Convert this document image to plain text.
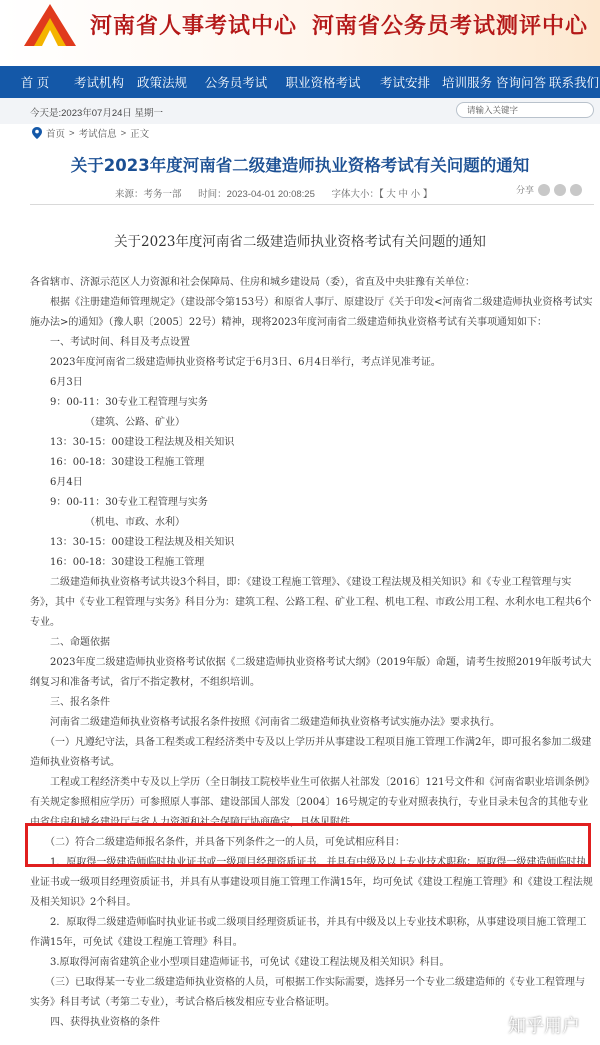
河南省人事考试中心 河南省公务员考试测评中心
首 页	考试机构	政策法规	公务员考试	职业资格考试	考试安排 培训服务 咨询问答 联系我们
今天是:2023年07月24日 星期一	请输入关键字
首页 > 考试信息 > 正文
关于2023年度河南省二级建造师执业资格考试有关问题的通知
来源：考务一部 时间：2023-04-01 20:08:25 字体大小：【 大 中 小 】	分享
关于2023年度河南省二级建造师执业资格考试有关问题的通知

各省辖市、济源示范区人力资源和社会保障局、住房和城乡建设局（委），省直及中央驻豫有关单位：

　　根据《注册建造师管理规定》（建设部令第153号）和原省人事厅、原建设厅《关于印发<河南省二级建造师执业资格考试实施办法>的通知》（豫人职〔2005〕22号）精神，现将2023年度河南省二级建造师执业资格考试有关事项通知如下：

　　一、考试时间、科目及考点设置

　　2023年度河南省二级建造师执业资格考试定于6月3日、6月4日举行，考点详见准考证。

　　6月3日

　　9：00-11：30专业工程管理与实务

　　　　　　（建筑、公路、矿业）

　　13：30-15：00建设工程法规及相关知识

　　16：00-18：30建设工程施工管理

　　6月4日

　　9：00-11：30专业工程管理与实务

　　　　　　（机电、市政、水利）

　　13：30-15：00建设工程法规及相关知识

　　16：00-18：30建设工程施工管理

　　二级建造师执业资格考试共设3个科目，即：《建设工程施工管理》、《建设工程法规及相关知识》和《专业工程管理与实务》，其中《专业工程管理与实务》科目分为：建筑工程、公路工程、矿业工程、机电工程、市政公用工程、水利水电工程共6个专业。

　　二、命题依据

　　2023年度二级建造师执业资格考试依据《二级建造师执业资格考试大纲》（2019年版）命题，请考生按照2019年版考试大纲复习和准备考试，省厅不指定教材，不组织培训。

　　三、报名条件

　　河南省二级建造师执业资格考试报名条件按照《河南省二级建造师执业资格考试实施办法》要求执行。

　　（一）凡遵纪守法，具备工程类或工程经济类中专及以上学历并从事建设工程项目施工管理工作满2年，即可报名参加二级建造师执业资格考试。

　　工程或工程经济类中专及以上学历（全日制技工院校毕业生可依据人社部发〔2016〕121号文件和《河南省职业培训条例》有关规定参照相应学历）可参照原人事部、建设部国人部发〔2004〕16号规定的专业对照表执行，专业目录未包含的其他专业由省住房和城乡建设厅与省人力资源和社会保障厅协商确定，具体见附件。

　　（二）符合二级建造师报名条件，并具备下列条件之一的人员，可免试相应科目：

　　1．原取得一级建造师临时执业证书或一级项目经理资质证书，并具有中级及以上专业技术职称；原取得一级建造师临时执业证书或一级项目经理资质证书，并具有从事建设项目施工管理工作满15年，均可免试《建设工程施工管理》和《建设工程法规及相关知识》2个科目。

　　2．原取得二级建造师临时执业证书或二级项目经理资质证书，并具有中级及以上专业技术职称，从事建设项目施工管理工作满15年，可免试《建设工程施工管理》科目。

　　3.原取得河南省建筑企业小型项目建造师证书，可免试《建设工程法规及相关知识》科目。

　　（三）已取得某一专业二级建造师执业资格的人员，可根据工作实际需要，选择另一个专业二级建造师的《专业工程管理与实务》科目考试（考第二专业），考试合格后核发相应专业合格证明。

　　四、获得执业资格的条件	知乎用户
